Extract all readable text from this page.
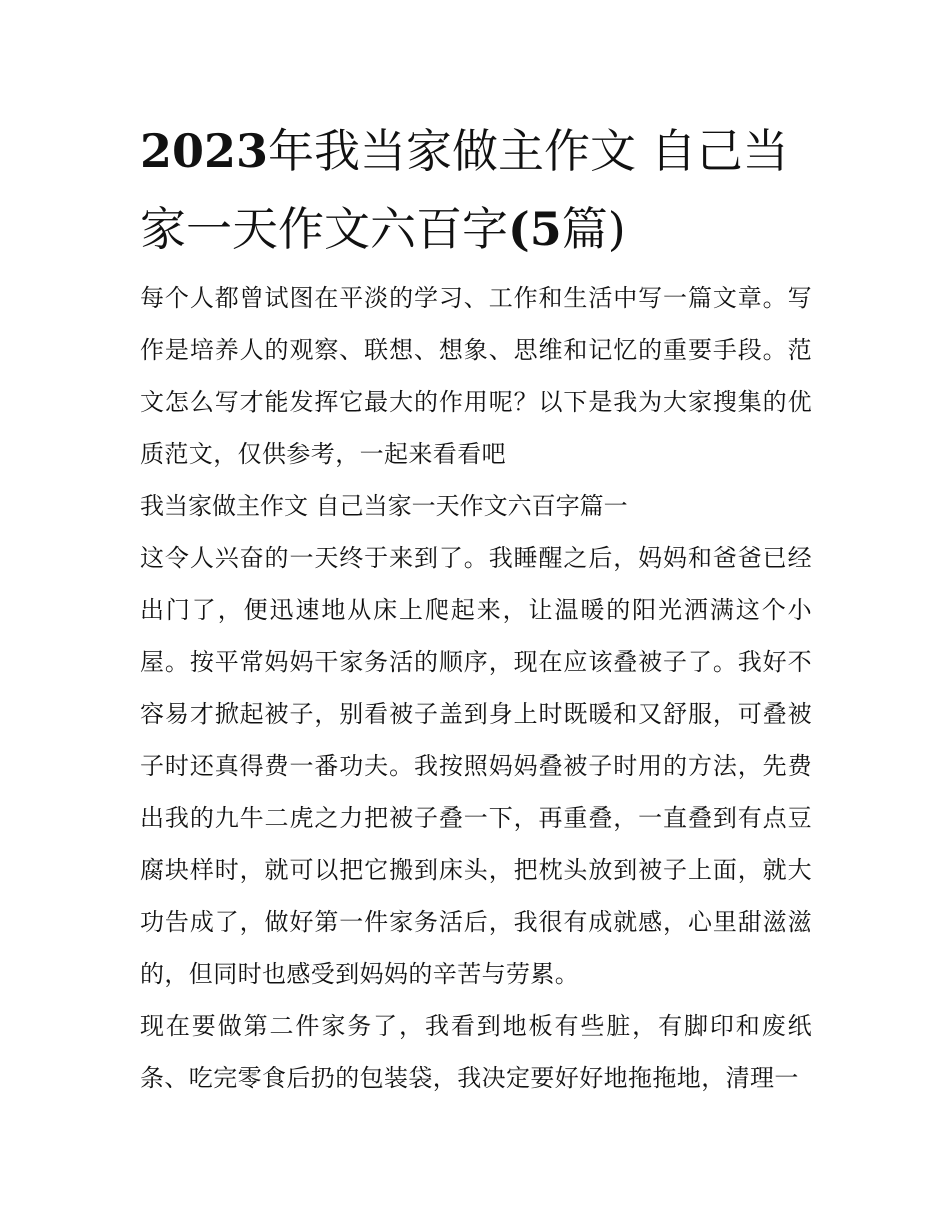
2023年我当家做主作文 自己当家一天作文六百字(5篇)

每个人都曾试图在平淡的学习、工作和生活中写一篇文章。写作是培养人的观察、联想、想象、思维和记忆的重要手段。范文怎么写才能发挥它最大的作用呢？以下是我为大家搜集的优质范文，仅供参考，一起来看看吧

我当家做主作文 自己当家一天作文六百字篇一

这令人兴奋的一天终于来到了。我睡醒之后，妈妈和爸爸已经出门了，便迅速地从床上爬起来，让温暖的阳光洒满这个小屋。按平常妈妈干家务活的顺序，现在应该叠被子了。我好不容易才掀起被子，别看被子盖到身上时既暖和又舒服，可叠被子时还真得费一番功夫。我按照妈妈叠被子时用的方法，先费出我的九牛二虎之力把被子叠一下，再重叠，一直叠到有点豆腐块样时，就可以把它搬到床头，把枕头放到被子上面，就大功告成了，做好第一件家务活后，我很有成就感，心里甜滋滋的，但同时也感受到妈妈的辛苦与劳累。

现在要做第二件家务了，我看到地板有些脏，有脚印和废纸条、吃完零食后扔的包装袋，我决定要好好地拖拖地，清理一
